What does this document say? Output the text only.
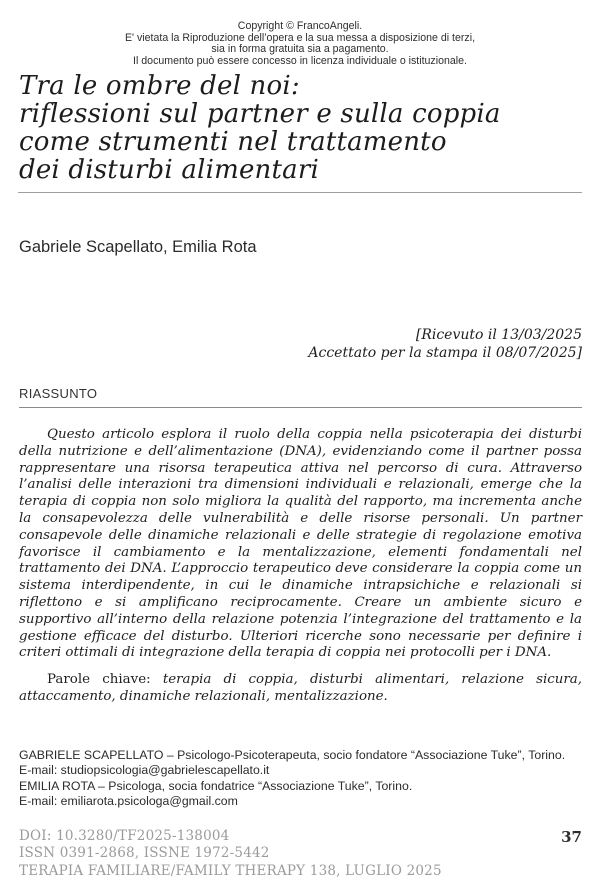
Copyright © FrancoAngeli.
E' vietata la Riproduzione dell’opera e la sua messa a disposizione di terzi,
sia in forma gratuita sia a pagamento.
Il documento può essere concesso in licenza individuale o istituzionale.
Tra le ombre del noi:
riflessioni sul partner e sulla coppia
come strumenti nel trattamento
dei disturbi alimentari
Gabriele Scapellato, Emilia Rota
[Ricevuto il 13/03/2025
Accettato per la stampa il 08/07/2025]
RIASSUNTO

Questo articolo esplora il ruolo della coppia nella psicoterapia dei disturbi della nutrizione e dell’alimentazione (DNA), evidenziando come il partner possa rappresentare una risorsa terapeutica attiva nel percorso di cura. Attraverso l’analisi delle interazioni tra dimensioni individuali e relazionali, emerge che la terapia di coppia non solo migliora la qualità del rapporto, ma incrementa anche la consapevolezza delle vulnerabilità e delle risorse personali. Un partner consapevole delle dinamiche relazionali e delle strategie di regolazione emotiva favorisce il cambiamento e la mentalizzazione, elementi fondamentali nel trattamento dei DNA. L’approccio terapeutico deve considerare la coppia come un sistema interdipendente, in cui le dinamiche intrapsichiche e relazionali si riflettono e si amplificano reciprocamente. Creare un ambiente sicuro e supportivo all’interno della relazione potenzia l’integrazione del trattamento e la gestione efficace del disturbo. Ulteriori ricerche sono necessarie per definire i criteri ottimali di integrazione della terapia di coppia nei protocolli per i DNA.

Parole chiave: terapia di coppia, disturbi alimentari, relazione sicura, attaccamento, dinamiche relazionali, mentalizzazione.

GABRIELE SCAPELLATO – Psicologo-Psicoterapeuta, socio fondatore “Associazione Tuke”, Torino.
E-mail: studiopsicologia@gabrielescapellato.it
EMILIA ROTA – Psicologa, socia fondatrice “Associazione Tuke”, Torino.
E-mail: emiliarota.psicologa@gmail.com
DOI: 10.3280/TF2025-138004
ISSN 0391-2868, ISSNE 1972-5442
TERAPIA FAMILIARE/FAMILY THERAPY 138, LUGLIO 2025
37
